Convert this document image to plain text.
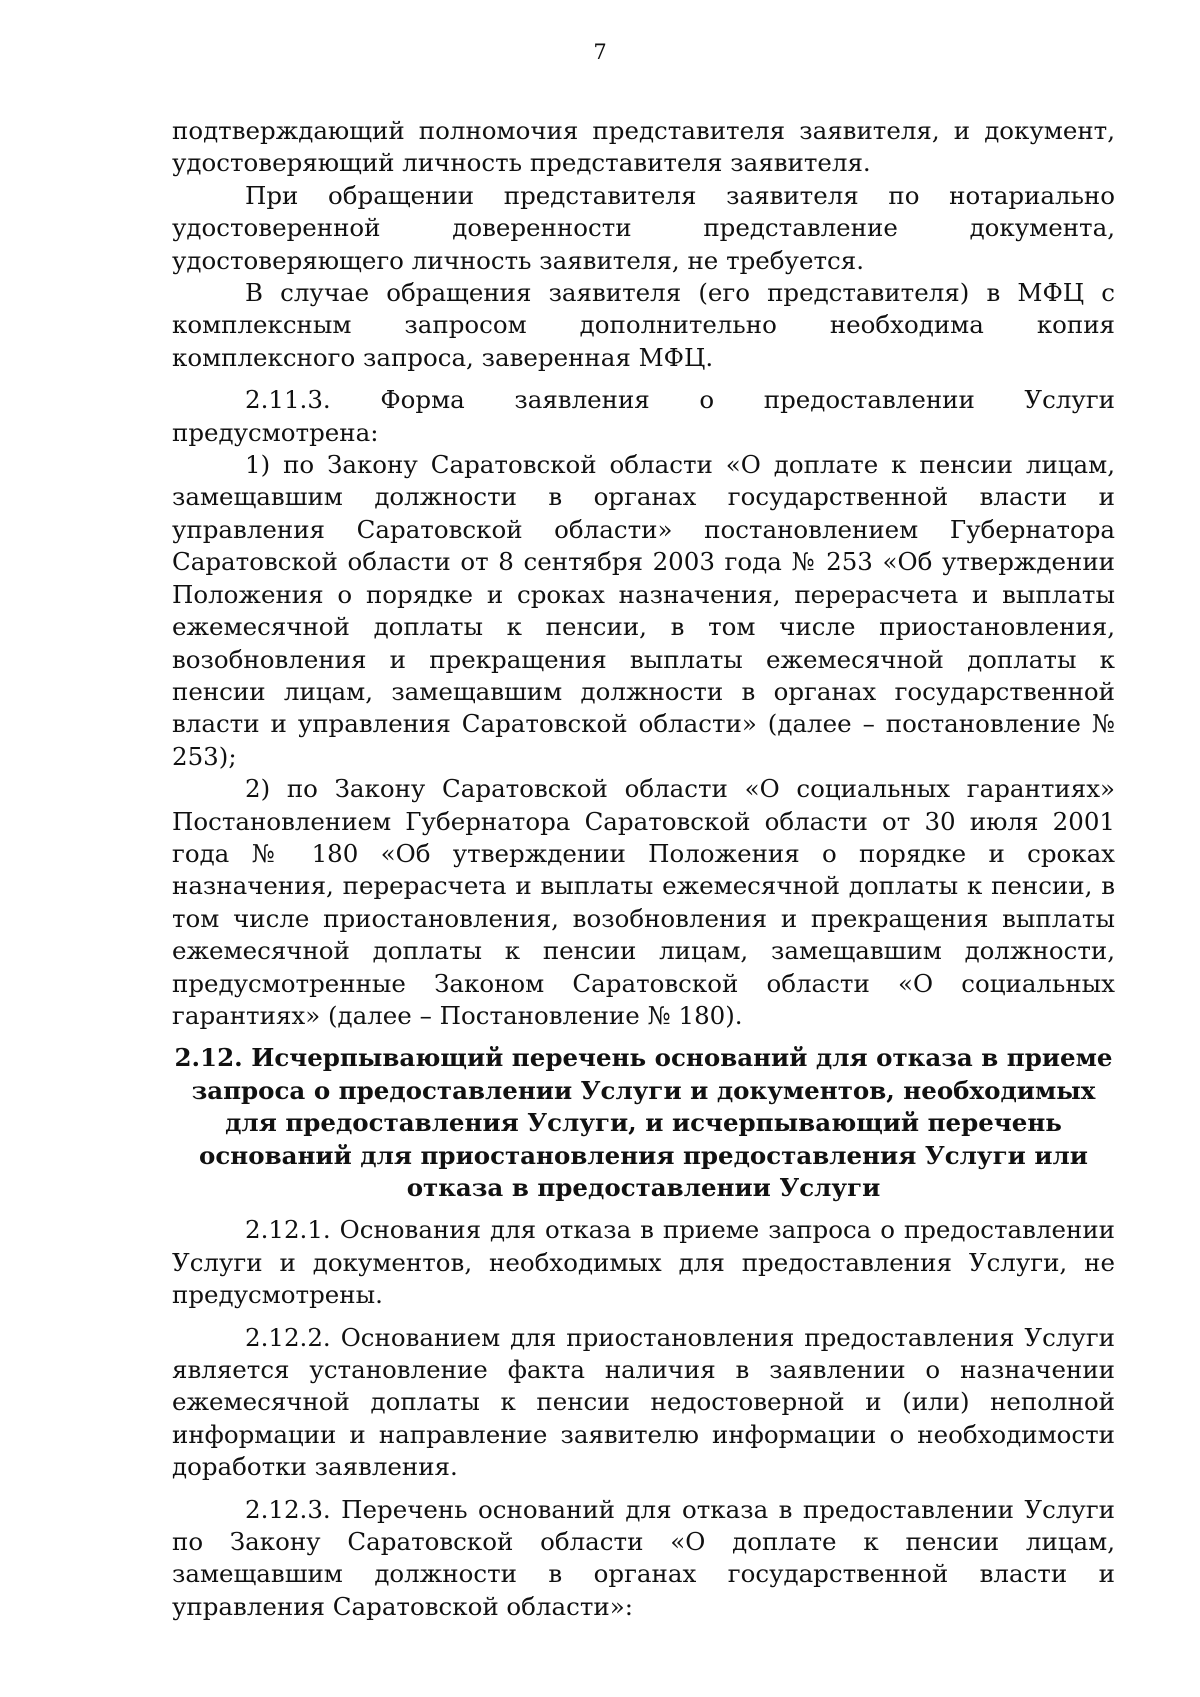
7

подтверждающий полномочия представителя заявителя, и документ, удостоверяющий личность представителя заявителя.

При обращении представителя заявителя по нотариально удостоверенной доверенности представление документа, удостоверяющего личность заявителя, не требуется.

В случае обращения заявителя (его представителя) в МФЦ с комплексным запросом дополнительно необходима копия комплексного запроса, заверенная МФЦ.

2.11.3. Форма заявления о предоставлении Услуги предусмотрена:

1) по Закону Саратовской области «О доплате к пенсии лицам, замещавшим должности в органах государственной власти и управления Саратовской области» постановлением Губернатора Саратовской области от 8 сентября 2003 года № 253 «Об утверждении Положения о порядке и сроках назначения, перерасчета и выплаты ежемесячной доплаты к пенсии, в том числе приостановления, возобновления и прекращения выплаты ежемесячной доплаты к пенсии лицам, замещавшим должности в органах государственной власти и управления Саратовской области» (далее – постановление № 253);

2) по Закону Саратовской области «О социальных гарантиях» Постановлением Губернатора Саратовской области от 30 июля 2001 года № 180 «Об утверждении Положения о порядке и сроках назначения, перерасчета и выплаты ежемесячной доплаты к пенсии, в том числе приостановления, возобновления и прекращения выплаты ежемесячной доплаты к пенсии лицам, замещавшим должности, предусмотренные Законом Саратовской области «О социальных гарантиях» (далее – Постановление № 180).

2.12. Исчерпывающий перечень оснований для отказа в приеме запроса о предоставлении Услуги и документов, необходимых для предоставления Услуги, и исчерпывающий перечень оснований для приостановления предоставления Услуги или отказа в предоставлении Услуги

2.12.1. Основания для отказа в приеме запроса о предоставлении Услуги и документов, необходимых для предоставления Услуги, не предусмотрены.

2.12.2. Основанием для приостановления предоставления Услуги является установление факта наличия в заявлении о назначении ежемесячной доплаты к пенсии недостоверной и (или) неполной информации и направление заявителю информации о необходимости доработки заявления.

2.12.3. Перечень оснований для отказа в предоставлении Услуги по Закону Саратовской области «О доплате к пенсии лицам, замещавшим должности в органах государственной власти и управления Саратовской области»:
